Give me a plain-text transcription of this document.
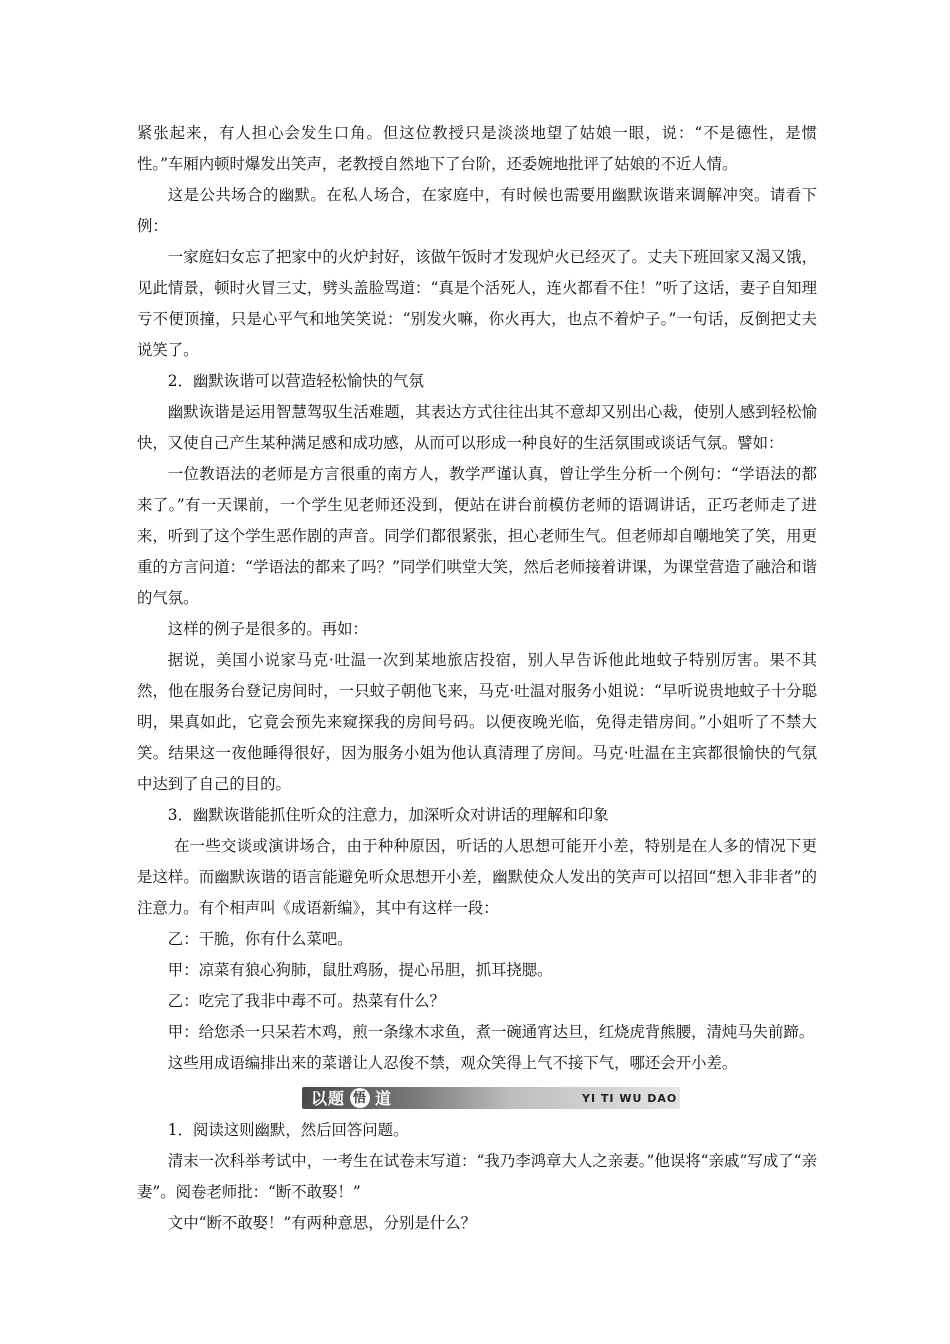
紧张起来，有人担心会发生口角。但这位教授只是淡淡地望了姑娘一眼，说：“不是德性，是惯性。”车厢内顿时爆发出笑声，老教授自然地下了台阶，还委婉地批评了姑娘的不近人情。

这是公共场合的幽默。在私人场合，在家庭中，有时候也需要用幽默诙谐来调解冲突。请看下例：

一家庭妇女忘了把家中的火炉封好，该做午饭时才发现炉火已经灭了。丈夫下班回家又渴又饿，见此情景，顿时火冒三丈，劈头盖脸骂道：“真是个活死人，连火都看不住！”听了这话，妻子自知理亏不便顶撞，只是心平气和地笑笑说：“别发火嘛，你火再大，也点不着炉子。”一句话，反倒把丈夫说笑了。

2．幽默诙谐可以营造轻松愉快的气氛

幽默诙谐是运用智慧驾驭生活难题，其表达方式往往出其不意却又别出心裁，使别人感到轻松愉快，又使自己产生某种满足感和成功感，从而可以形成一种良好的生活氛围或谈话气氛。譬如：

一位教语法的老师是方言很重的南方人，教学严谨认真，曾让学生分析一个例句：“学语法的都来了。”有一天课前，一个学生见老师还没到，便站在讲台前模仿老师的语调讲话，正巧老师走了进来，听到了这个学生恶作剧的声音。同学们都很紧张，担心老师生气。但老师却自嘲地笑了笑，用更重的方言问道：“学语法的都来了吗？”同学们哄堂大笑，然后老师接着讲课，为课堂营造了融洽和谐的气氛。

这样的例子是很多的。再如：

据说，美国小说家马克·吐温一次到某地旅店投宿，别人早告诉他此地蚊子特别厉害。果不其然，他在服务台登记房间时，一只蚊子朝他飞来，马克·吐温对服务小姐说：“早听说贵地蚊子十分聪明，果真如此，它竟会预先来窥探我的房间号码。以便夜晚光临，免得走错房间。”小姐听了不禁大笑。结果这一夜他睡得很好，因为服务小姐为他认真清理了房间。马克·吐温在主宾都很愉快的气氛中达到了自己的目的。

3．幽默诙谐能抓住听众的注意力，加深听众对讲话的理解和印象

在一些交谈或演讲场合，由于种种原因，听话的人思想可能开小差，特别是在人多的情况下更是这样。而幽默诙谐的语言能避免听众思想开小差，幽默使众人发出的笑声可以招回“想入非非者”的注意力。有个相声叫《成语新编》，其中有这样一段：

乙：干脆，你有什么菜吧。

甲：凉菜有狼心狗肺，鼠肚鸡肠，提心吊胆，抓耳挠腮。

乙：吃完了我非中毒不可。热菜有什么？

甲：给您杀一只呆若木鸡，煎一条缘木求鱼，煮一碗通宵达旦，红烧虎背熊腰，清炖马失前蹄。

这些用成语编排出来的菜谱让人忍俊不禁，观众笑得上气不接下气，哪还会开小差。

以题 悟 道	YI TI WU DAO

1．阅读这则幽默，然后回答问题。

清末一次科举考试中，一考生在试卷末写道：“我乃李鸿章大人之亲妻。”他误将“亲戚”写成了“亲妻”。阅卷老师批：“断不敢娶！”

文中“断不敢娶！”有两种意思，分别是什么？
